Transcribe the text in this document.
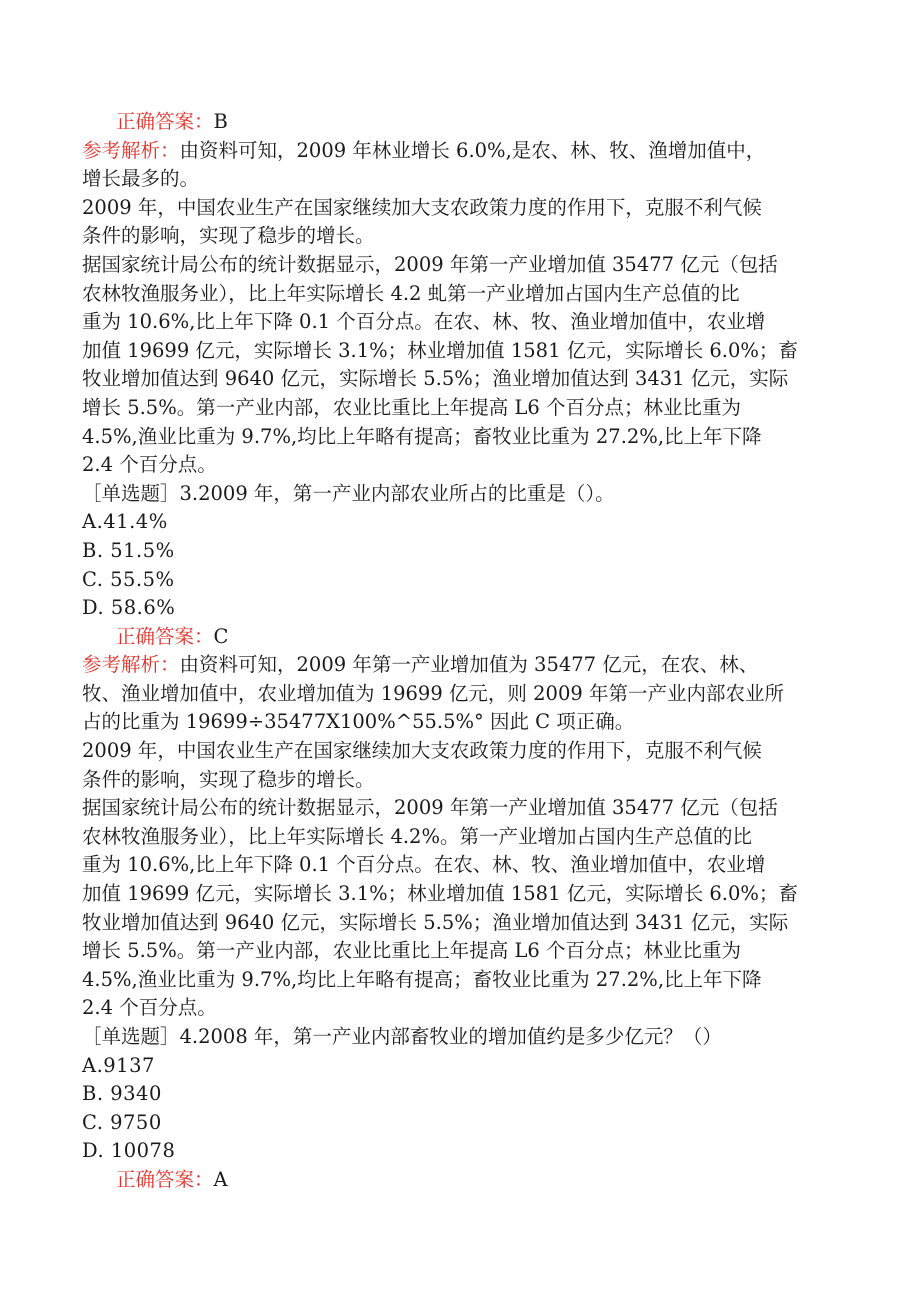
正确答案：B
参考解析：由资料可知，2009 年林业增长 6.0%,是农、林、牧、渔增加值中，
增长最多的。
2009 年，中国农业生产在国家继续加大支农政策力度的作用下，克服不利气候
条件的影响，实现了稳步的增长。
据国家统计局公布的统计数据显示，2009 年第一产业增加值 35477 亿元（包括
农林牧渔服务业），比上年实际增长 4.2 虬第一产业增加占国内生产总值的比
重为 10.6%,比上年下降 0.1 个百分点。在农、林、牧、渔业增加值中，农业增
加值 19699 亿元，实际增长 3.1%；林业增加值 1581 亿元，实际增长 6.0%；畜
牧业增加值达到 9640 亿元，实际增长 5.5%；渔业增加值达到 3431 亿元，实际
增长 5.5%。第一产业内部，农业比重比上年提高 L6 个百分点；林业比重为
4.5%,渔业比重为 9.7%,均比上年略有提高；畜牧业比重为 27.2%,比上年下降
2.4 个百分点。
［单选题］3.2009 年，第一产业内部农业所占的比重是（）。
A.41.4%
B. 51.5%
C. 55.5%
D. 58.6%
正确答案：C
参考解析：由资料可知，2009 年第一产业增加值为 35477 亿元，在农、林、
牧、渔业增加值中，农业增加值为 19699 亿元，则 2009 年第一产业内部农业所
占的比重为 19699÷35477X100%^55.5%° 因此 C 项正确。
2009 年，中国农业生产在国家继续加大支农政策力度的作用下，克服不利气候
条件的影响，实现了稳步的增长。
据国家统计局公布的统计数据显示，2009 年第一产业增加值 35477 亿元（包括
农林牧渔服务业），比上年实际增长 4.2%。第一产业增加占国内生产总值的比
重为 10.6%,比上年下降 0.1 个百分点。在农、林、牧、渔业增加值中，农业增
加值 19699 亿元，实际增长 3.1%；林业增加值 1581 亿元，实际增长 6.0%；畜
牧业增加值达到 9640 亿元，实际增长 5.5%；渔业增加值达到 3431 亿元，实际
增长 5.5%。第一产业内部，农业比重比上年提高 L6 个百分点；林业比重为
4.5%,渔业比重为 9.7%,均比上年略有提高；畜牧业比重为 27.2%,比上年下降
2.4 个百分点。
［单选题］4.2008 年，第一产业内部畜牧业的增加值约是多少亿元？（）
A.9137
B. 9340
C. 9750
D. 10078
正确答案：A
